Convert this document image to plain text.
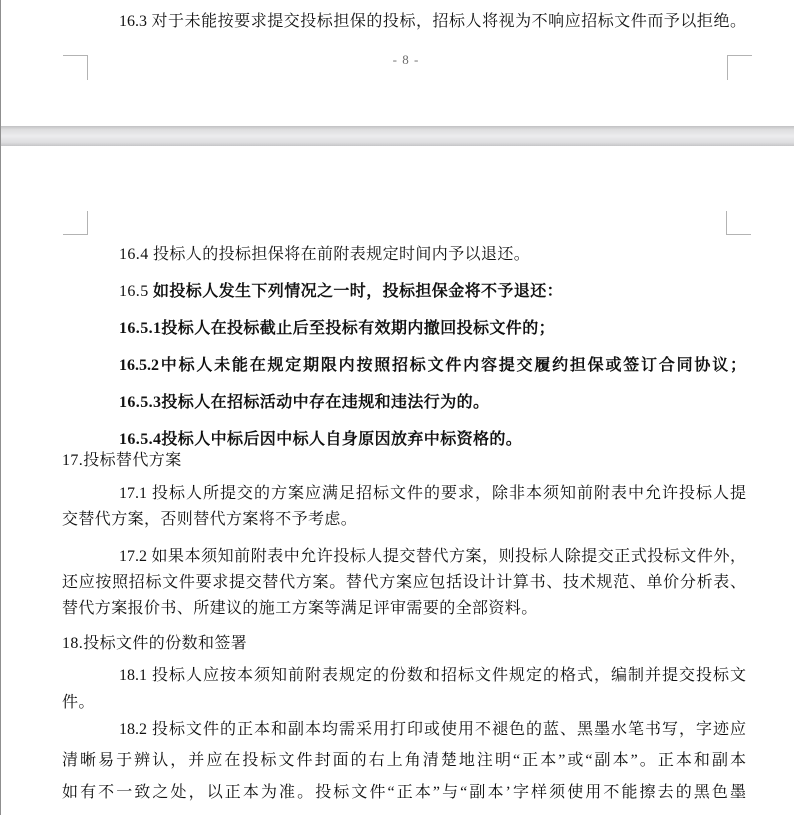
16.3 对于未能按要求提交投标担保的投标，招标人将视为不响应招标文件而予以拒绝。
- 8 -
16.4 投标人的投标担保将在前附表规定时间内予以退还。
16.5 如投标人发生下列情况之一时，投标担保金将不予退还：
16.5.1投标人在投标截止后至投标有效期内撤回投标文件的；
16.5.2中标人未能在规定期限内按照招标文件内容提交履约担保或签订合同协议；
16.5.3投标人在招标活动中存在违规和违法行为的。
16.5.4投标人中标后因中标人自身原因放弃中标资格的。
17.投标替代方案
17.1 投标人所提交的方案应满足招标文件的要求，除非本须知前附表中允许投标人提
交替代方案，否则替代方案将不予考虑。
17.2 如果本须知前附表中允许投标人提交替代方案，则投标人除提交正式投标文件外，
还应按照招标文件要求提交替代方案。替代方案应包括设计计算书、技术规范、单价分析表、
替代方案报价书、所建议的施工方案等满足评审需要的全部资料。
18.投标文件的份数和签署
18.1 投标人应按本须知前附表规定的份数和招标文件规定的格式，编制并提交投标文
件。
18.2 投标文件的正本和副本均需采用打印或使用不褪色的蓝、黑墨水笔书写，字迹应
清晰易于辨认，并应在投标文件封面的右上角清楚地注明“正本”或“副本”。正本和副本
如有不一致之处，以正本为准。投标文件“正本”与“副本’字样须使用不能擦去的黑色墨
